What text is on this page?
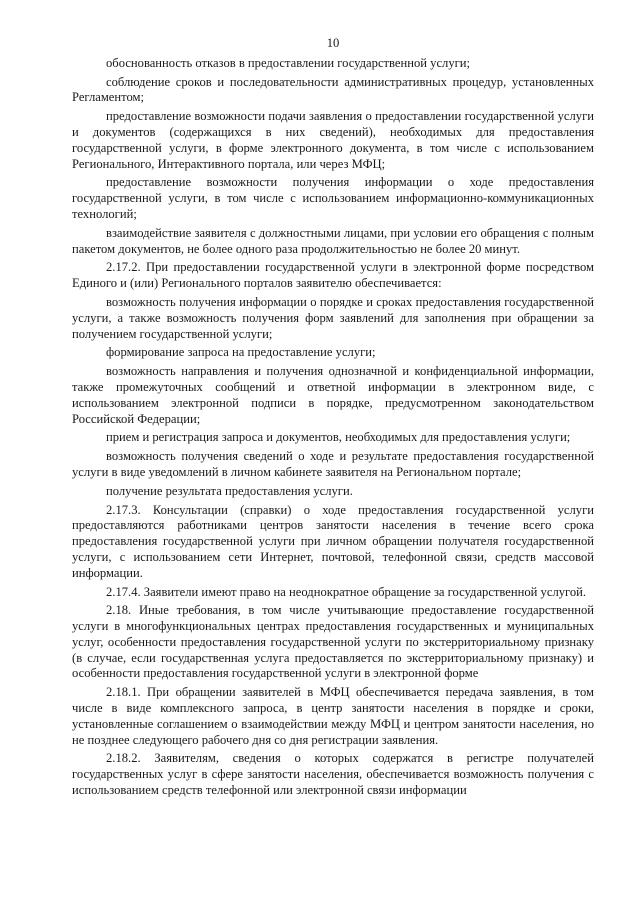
10

обоснованность отказов в предоставлении государственной услуги;

соблюдение сроков и последовательности административных процедур, установленных Регламентом;

предоставление возможности подачи заявления о предоставлении государственной услуги и документов (содержащихся в них сведений), необходимых для предоставления государственной услуги, в форме электронного документа, в том числе с использованием Регионального, Интерактивного портала, или через МФЦ;

предоставление возможности получения информации о ходе предоставления государственной услуги, в том числе с использованием информационно-коммуникационных технологий;

взаимодействие заявителя с должностными лицами, при условии его обращения с полным пакетом документов, не более одного раза продолжительностью не более 20 минут.

2.17.2. При предоставлении государственной услуги в электронной форме посредством Единого и (или) Регионального порталов заявителю обеспечивается:

возможность получения информации о порядке и сроках предоставления государственной услуги, а также возможность получения форм заявлений для заполнения при обращении за получением государственной услуги;

формирование запроса на предоставление услуги;

возможность направления и получения однозначной и конфиденциальной информации, также промежуточных сообщений и ответной информации в электронном виде, с использованием электронной подписи в порядке, предусмотренном законодательством Российской Федерации;

прием и регистрация запроса и документов, необходимых для предоставления услуги;

возможность получения сведений о ходе и результате предоставления государственной услуги в виде уведомлений в личном кабинете заявителя на Региональном портале;

получение результата предоставления услуги.

2.17.3. Консультации (справки) о ходе предоставления государственной услуги предоставляются работниками центров занятости населения в течение всего срока предоставления государственной услуги при личном обращении получателя государственной услуги, с использованием сети Интернет, почтовой, телефонной связи, средств массовой информации.

2.17.4. Заявители имеют право на неоднократное обращение за государственной услугой.

2.18. Иные требования, в том числе учитывающие предоставление государственной услуги в многофункциональных центрах предоставления государственных и муниципальных услуг, особенности предоставления государственной услуги по экстерриториальному признаку (в случае, если государственная услуга предоставляется по экстерриториальному признаку) и особенности предоставления государственной услуги в электронной форме

2.18.1. При обращении заявителей в МФЦ обеспечивается передача заявления, в том числе в виде комплексного запроса, в центр занятости населения в порядке и сроки, установленные соглашением о взаимодействии между МФЦ и центром занятости населения, но не позднее следующего рабочего дня со дня регистрации заявления.

2.18.2. Заявителям, сведения о которых содержатся в регистре получателей государственных услуг в сфере занятости населения, обеспечивается возможность получения с использованием средств телефонной или электронной связи информации
